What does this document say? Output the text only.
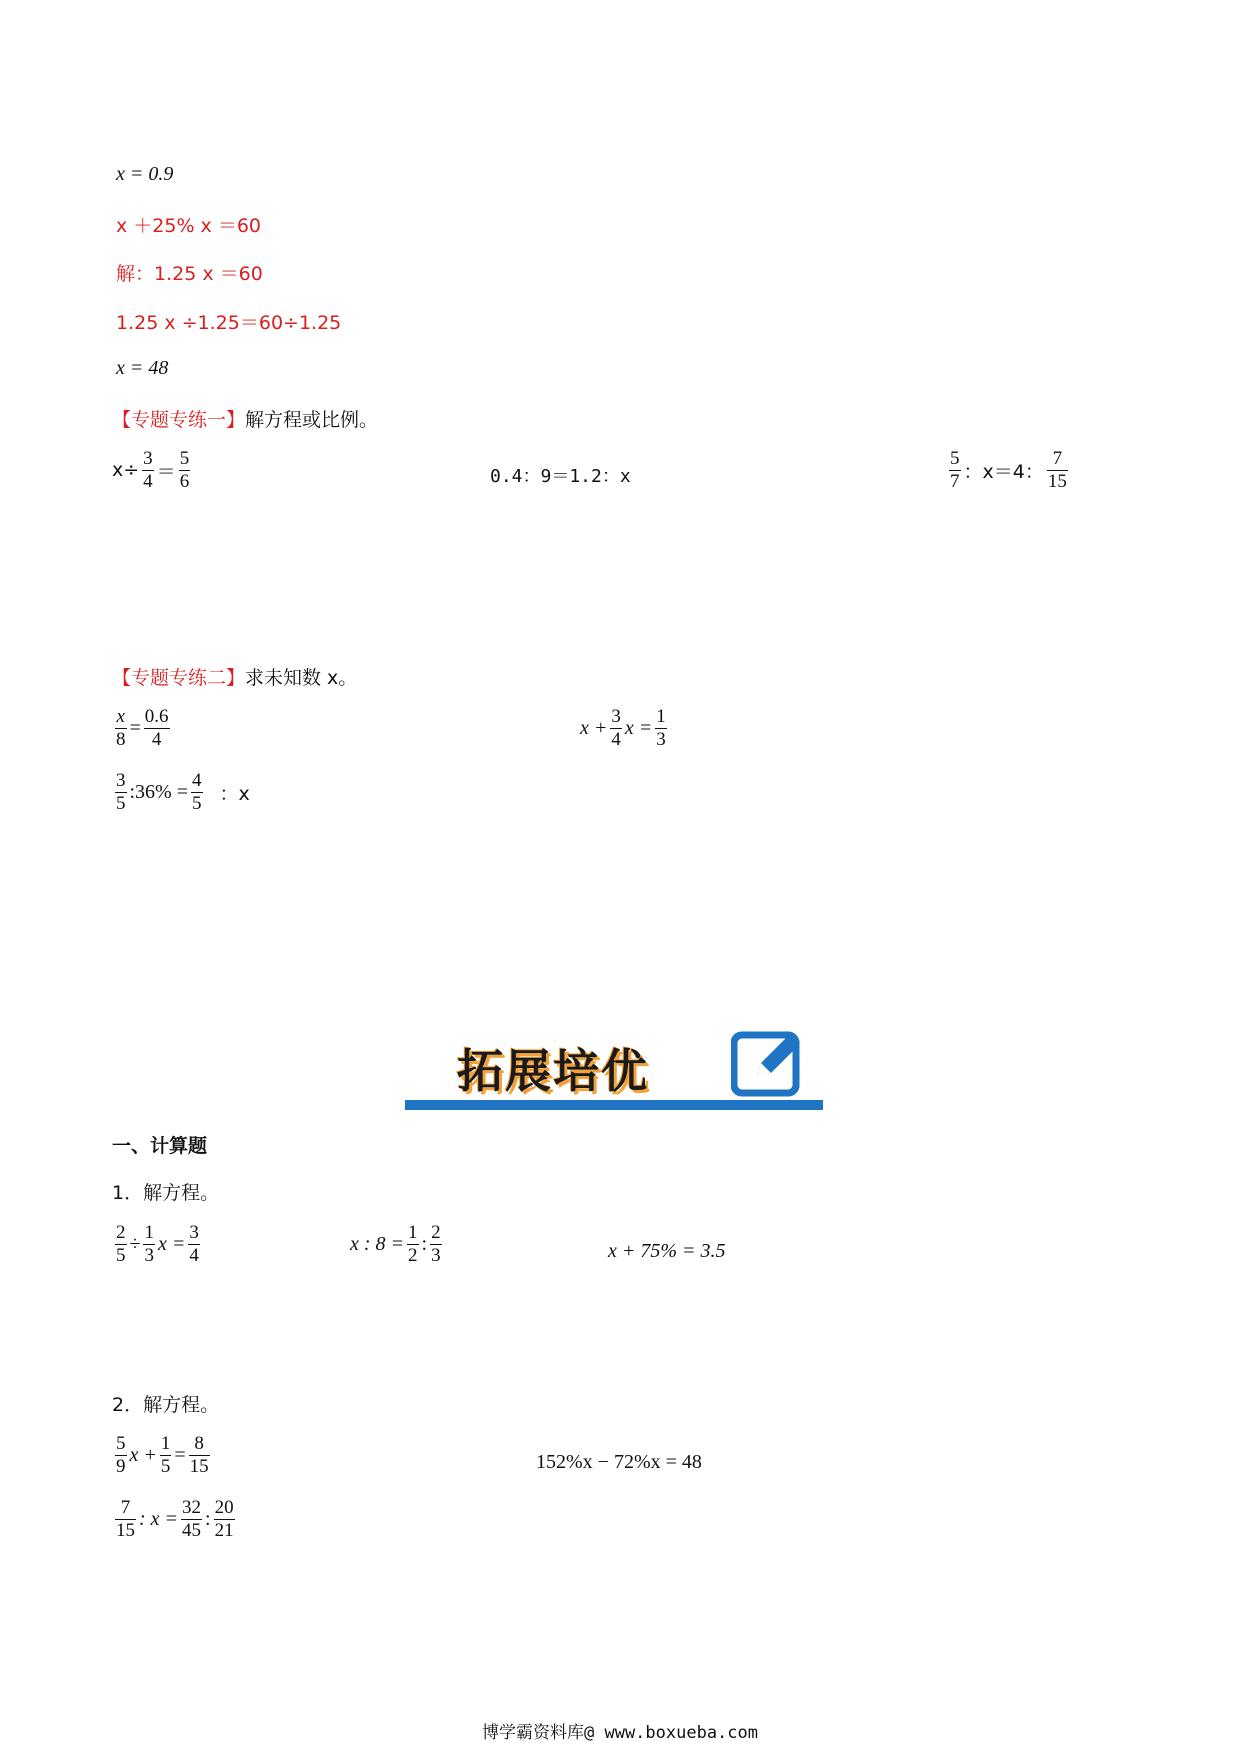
x = 0.9
x ＋25% x ＝60
解：1.25 x ＝60
1.25 x ÷1.25＝60÷1.25
x = 48
【专题专练一】解方程或比例。
$x\div \frac{3}{4} = \frac{5}{6}$	0.4：9＝1.2：x	$\frac{5}{7}$ ：x＝4： $\frac{7}{15}$
【专题专练二】求未知数 x。
$\frac{x}{8} = \frac{0.6}{4}$	$x + \frac{3}{4}$ $x = \frac{1}{3}$
$\frac{3}{5}$ :36% = $\frac{4}{5}$ ：x
拓展培优
一、计算题
1．解方程。
$\frac{2}{5} \div \frac{1}{3}$ $x = \frac{3}{4}$	x : $8 = \frac{1}{2}$ : $\frac{2}{3}$	x + 75% = 3.5
2．解方程。
$\frac{5}{9}$ $x + \frac{1}{5} = \frac{8}{15}$	152%x − 72%x = 48
$\frac{7}{15}$ : $x = \frac{32}{45}$ : $\frac{20}{21}$
博学霸资料库@ www.boxueba.com
